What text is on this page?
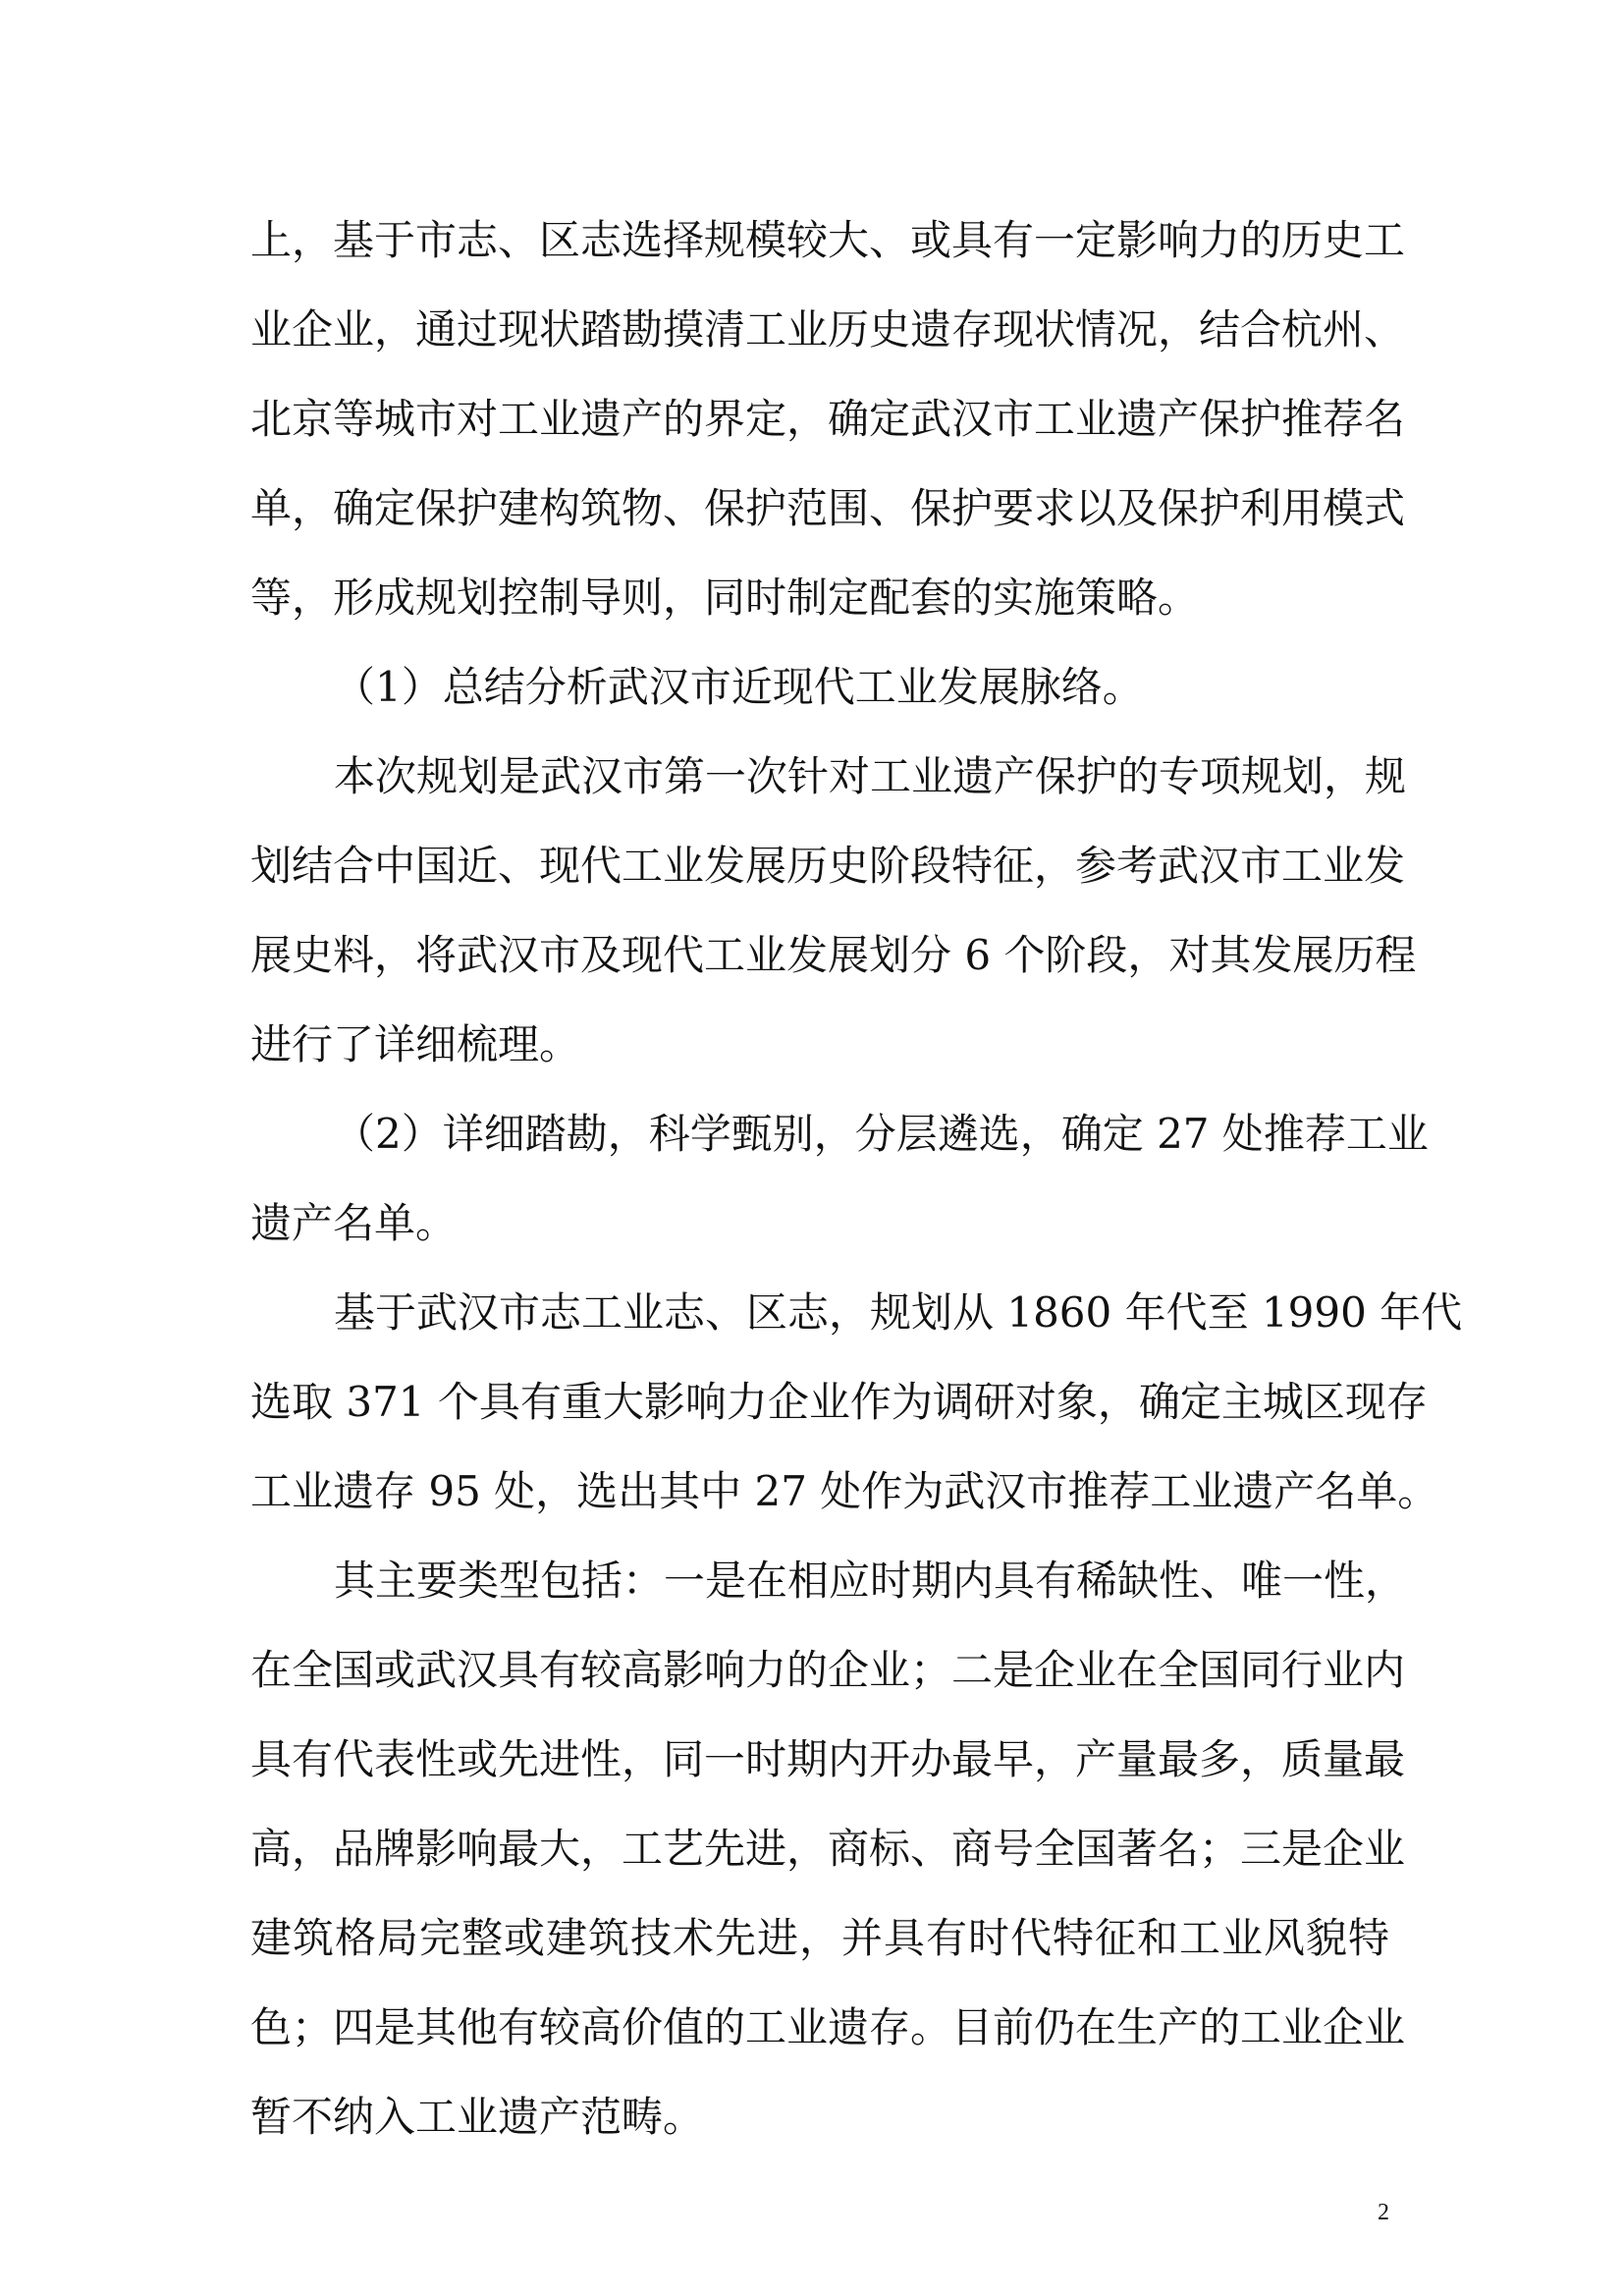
上，基于市志、区志选择规模较大、或具有一定影响力的历史工
业企业，通过现状踏勘摸清工业历史遗存现状情况，结合杭州、
北京等城市对工业遗产的界定，确定武汉市工业遗产保护推荐名
单，确定保护建构筑物、保护范围、保护要求以及保护利用模式
等，形成规划控制导则，同时制定配套的实施策略。
（1）总结分析武汉市近现代工业发展脉络。
本次规划是武汉市第一次针对工业遗产保护的专项规划，规
划结合中国近、现代工业发展历史阶段特征，参考武汉市工业发
展史料，将武汉市及现代工业发展划分 6 个阶段，对其发展历程
进行了详细梳理。
（2）详细踏勘，科学甄别，分层遴选，确定 27 处推荐工业
遗产名单。
基于武汉市志工业志、区志，规划从 1860 年代至 1990 年代
选取 371 个具有重大影响力企业作为调研对象，确定主城区现存
工业遗存 95 处，选出其中 27 处作为武汉市推荐工业遗产名单。
其主要类型包括：一是在相应时期内具有稀缺性、唯一性，
在全国或武汉具有较高影响力的企业；二是企业在全国同行业内
具有代表性或先进性，同一时期内开办最早，产量最多，质量最
高，品牌影响最大，工艺先进，商标、商号全国著名；三是企业
建筑格局完整或建筑技术先进，并具有时代特征和工业风貌特
色；四是其他有较高价值的工业遗存。目前仍在生产的工业企业
暂不纳入工业遗产范畴。
2
